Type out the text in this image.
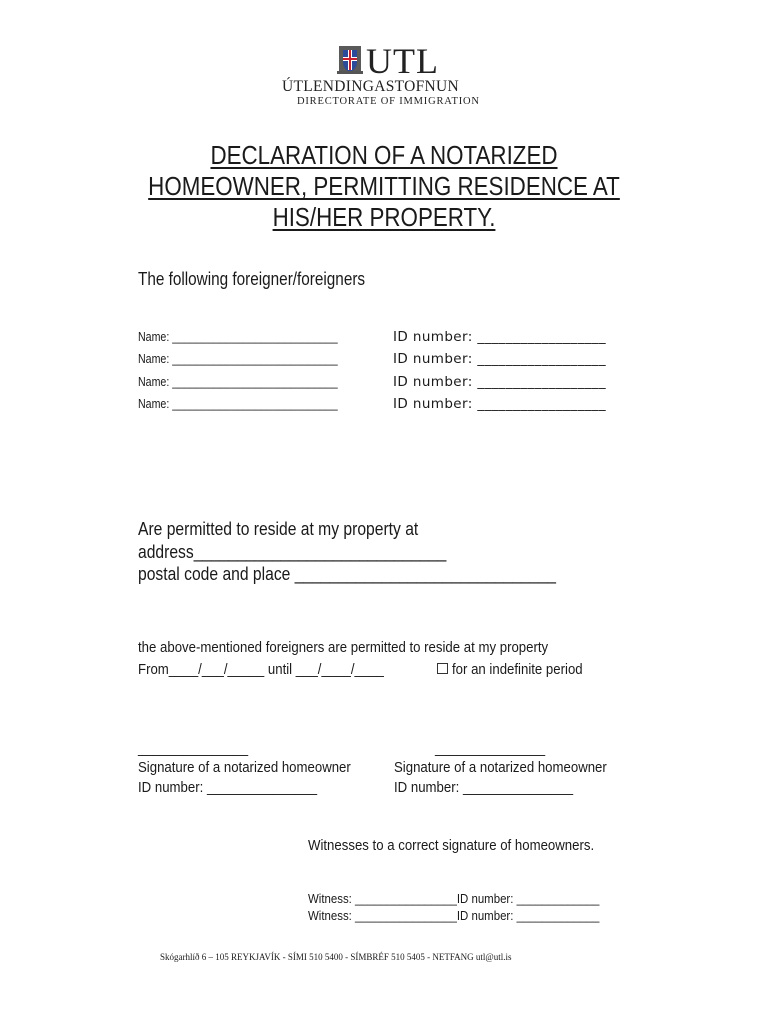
UTL
ÚTLENDINGASTOFNUN
DIRECTORATE OF IMMIGRATION
DECLARATION OF A NOTARIZED
HOMEOWNER, PERMITTING RESIDENCE AT
HIS/HER PROPERTY.
The following foreigner/foreigners
Name: ____________________________	ID number: __________________
Name: ____________________________	ID number: __________________
Name: ____________________________	ID number: __________________
Name: ____________________________	ID number: __________________
Are permitted to reside at my property at
address_____________________________
postal code and place ______________________________
the above-mentioned foreigners are permitted to reside at my property
From____/___/_____ until ___/____/____	for an indefinite period
_______________
Signature of a notarized homeowner
ID number: _______________
_______________
Signature of a notarized homeowner
ID number: _______________
Witnesses to a correct signature of homeowners.
Witness: ________________ID number: _____________
Witness: ________________ID number: _____________
Skógarhlíð 6 – 105 REYKJAVÍK - SÍMI 510 5400 - SÍMBRÉF 510 5405 - NETFANG utl@utl.is
